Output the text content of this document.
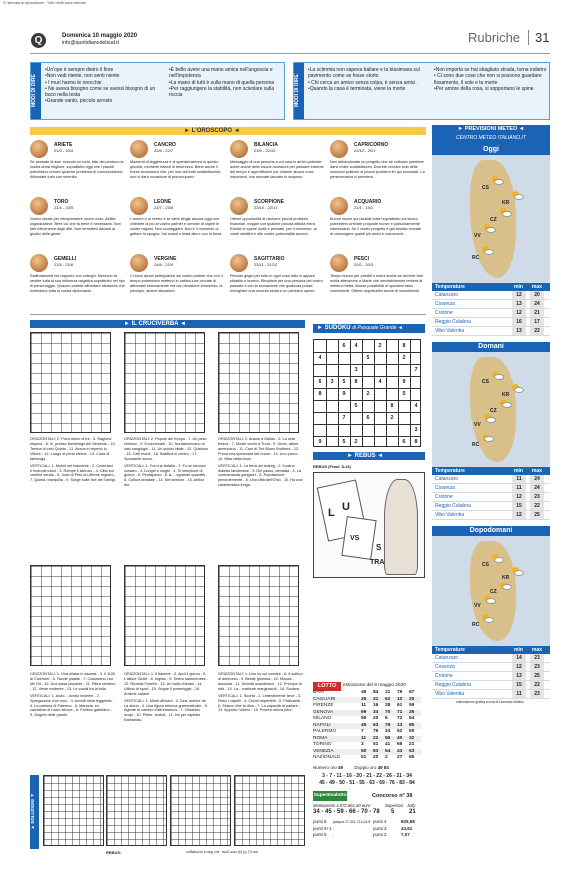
© riservata la riproduzione - Tutti i diritti sono riservati
Q	Domenica 10 maggio 2020
info@quotidianodelsud.it	Rubriche	31
MODI DI DIRE
•Un'ope è sempre dietro il fiore
•Non vedi niente, non senti niente
• I muri hanno le orecchie
• Ne aveva bisogno come se avessi bisogno di un buco nella testa
•Grande vanto, piccolo arrosto
•È bello avere una mano amica nell'angoscia e nell'impotenza
•La mano di tutti è sulla mano di quella persona
•Per raggiungere la stabilità, non scivolare sulla roccia	MODI DI DIRE
•La scimmia non sapeva ballare e la biasimava sul pavimento come se fosse storto
• Chi cerca un amico senza colpa, è senza amici.
•Quando la casa è terminata, viene la morte
•Non importa se hai sbagliato strada, torna indietro
• Ci sono due cose che non si possono guardare fissamente, il sole e la morte
•Per amore della rosa, si sopportano le spine
► L'OROSCOPO ◄
ARIETE
21/3 - 20/4
Se pensate di aver ricevuto un torto, fate del perdono la vostra arma migliore, soprattutto oggi che i pianeti potrebbero crearvi qualche problema di comunicazione. Affrontate tutto con serenità.
TORO
21/4 - 20/5
Giorno ideale per intraprendere nuove cose. Abilità organizzative. Bere ciò che fa bene è necessario. Non farti influenzare dagli altri. Non fermatevi davanti ai giudizi della gente.
GEMELLI
21/5 - 21/6
Rallentamenti nel rapporto con colleghi. Mercurio fa sentire tutta la sua influenza negativa soprattutto nel tipo di personaggio. Quando potrete affrontare situazioni che richiedono tutta la vostra diplomazia.
CANCRO
22/6 - 22/7
Momenti di leggerezza e di spensieratezza in questo giovedì, momenti intensi di tenerezza. Bene anche il fronte economico che, per non dal tutto soddisfacente, non vi darà occasione di preoccuparvi.
LEONE
23/7 - 23/8
L'amore è al centro e se siete single ancora oggi non chiedete di più al vostro partner e cercate di capire le vostre ragioni. Non scoraggiarti. Non è il momento di gettare la spugna. Vai avanti e testa alta e con la forza.
VERGINE
24/8 - 22/9
Ci sono alcuni pettegolezzi sul vostro partner che con il tempo potrebbero mettervi in cattiva luce cercate di affrontarli serenamente ma con decisione chiarendo, di principio, alcune situazioni.
BILANCIA
23/9 - 22/10
Messaggio di una persona a voi cara in arrivo potreste avere anche delle buone occasioni per passare insieme del tempo e approfittarne per chiarire alcune cose importanti, che avevate lasciato in sospeso.
SCORPIONE
23/10 - 22/11
Ottime opportunità di risolvere piccoli problemi finanziari, magari con qualche piccola attività extra. Evitate le spese inutili e pensate, per il momento, ai vostri obiettivi e alle vostre potenzialità ancora.
SAGITTARIO
23/11 - 21/12
Periodo grigio per tutto in ogni cosa tutto vi appare sbiadito e incerto. Rimpianti per una persona del vostro passato e con la sensazione che qualcosa possa risvegliare una vecchia storia e un pensiero speso.
CAPRICORNO
22/12 - 20/1
Non abbandonate un progetto che se coltivato potrebbe darvi molte soddisfazioni. Dovrete cercare solo delle soluzioni pratiche ai piccoli problemi fin qui incontrati. La perseveranza vi premierà.
ACQUARIO
21/1 - 19/2
Buone nuove sui risultati vostri soprattutto sul lavoro potrebbero arrivare proposte nuove e particolarmente interessanti. Se il vostro progetto è già avviato cercate di coinvolgere quanti più amici e conoscenti.
PESCI
20/2 - 20/3
Tempo buono per prestiti e mutui anche se dovrete fare molta attenzione a Marte che inevitabilmente tenterà di mettervi fretta. Buone possibilità di spuntare tassi convenienti. Ottime opportunità anche di investimenti.
► PREVISIONI METEO ◄
CENTRO METEO ITALIANO.IT
Oggi
CS
KR
CZ
VV
RC
Temperature	min max
Catanzaro	12	20
Cosenza	13	24
Crotone	12	21
Reggio Calabria	16	17
Vibo Valentia	13	22
Domani
CS
KR
CZ
VV
RC
Temperature	min max
Catanzaro	11	24
Cosenza	11	24
Crotone	12	23
Reggio Calabria	15	22
Vibo Valentia	12	25
Dopodomani
CS
KR
CZ
VV
RC
Temperature	min max
Catanzaro	14	23
Cosenza	12	23
Crotone	13	25
Reggio Calabria	15	22
Vibo Valentia	11	23
elaborazione grafica a cura di Leonardo Muffolo
► IL CRUCIVERBA ◄
ORIZZONTALI: 2. Poco meno di tre - 5. Ragione etopica - 8. In, presso fiammingo del Seicento - 10. Terrina di cani Quinto - 11. Aveva in reperto lo Vittore - 12. Luogo di pena eterna - 13. Coda di tartaruga.
VERTICALI: 1. Mobili nel ristorante - 2. Costruisci e ricercati tutori - 3. Rompe il silenzio - 4. Città sul confine serato - 6. Joan di Pelo al Lifteme registro - 7. Quinta, tranquilla - 9. Sorge sulle rive del Tamigi.
ORIZZONTALI: 2. Popolo del Kenya - 7. Un peso chimico - 9. Eccezionale - 10. Nordamericano di vasi sanguigni - 11. Un suddo vitale - 12. Quattoro - 13. Calli monti - 16. Basilica in centro - 17. Spumante secco.
VERTICALI: 1. Forni la farfalla - 2. Fu un famoso corsaro - 3. Lunghi e lunghi - 4. Si sempione di giorno - 5. Pentapaolo - 6. A.... sgrande quantità - 8. Coltura stradale - 14. Nel tambon - 15. Antico dio.
ORIZZONTALI: 2. Autore a Dallas - 5. La cela fresca - 7. Mostri vicino a Troia - 9. Gene, attore americano - 11. Cani di The Blues Brothers - 12. Prova una speciosità del nuoto - 13. Uno prono - 14. Mise della bove.
VERTICALI: 1. La terra dei tuareg - 2. Il piano dialetto landanese - 3. Del passo, deridata - 4. La contramanda gangster - 6. Popolazione precedemente - 8. Una città dell'Ohio - 10. Ha una caratteristica lunga.
ORIZZONTALI: 1. Una ollaba in ascesa - 3. Il 1100 di Cicerone - 5. Tavole pialate - 7. Costavano Leo Mc Dit - 10. Una salsa piccante - 11. Ritira sentiero - 12. Veste evidente - 13. Le vocali tra la folla.
VERTICALI: 1. Aiuto... dondo insieme - 2. Spiegazione d'un inno - 3. Avvolti nella leggenda - 4. La patrona di Palermo - 6. Marcela, en calciatore di Lacio eilcure - 8. Poetico gabbiano - 9. Origine delle parole.
ORIZZONTALI: 1. Il fiamme - 3. April il giorno - 6. L'attore Giulie - 8. Inglise - 9. Teatro sammenese - 12. Ricorda Fiorello - 13. Un ballo d'antan - 14. Ultimo di sport - 15. Segue il pomeriggio - 16. Antiche cantori.
VERTICALI: 1. Monti africani - 2. Dea, autrice de La storia - 4. Una figura retorica grammaticale - 5. Agente di cambio d'attremanica - 7. Obbietivi, scopi - 10. Pietre, ciottoli - 11. Ha per capitale Katmandu.
ORIZZONTALI: 1. Uno su cui contare - 8. Il solfuro di ammonio - 9. Bestie gloriosa - 10. Misura... assoluta - 11. Divinità scandinave - 12. Principe di tutti - 14. La... mattone marginacoli - 16. Scolara.
VERTICALI: 1. Scorta - 2. Letteralmente lieve - 3. Fisso i capelli - 4. Circoli imperfetti - 5. Praticante - 6. Sharon che fu diva - 7. La capacità di parlare - 13. Apporto l'ultimo - 15. Povere senza pere.
► SOLUZIONI ◄
REBUS:	uno (L) VS (S) nere; pesc.. suo Ralo a un impegno-
► SUDOKU di Pasquale Grande ◄
6	4	2	8
4	5	2
3	7
6	3	5	8	4	9
8	9	2	5
5	8	4
7	6	2
3
9	5	2	6	8
► REBUS ◄
REBUS (Frasi: 8-14)
L U
VS
S
TRA
LOTTO	estrazione del 9 maggio 2020
BARI	49 84 21 79 67
CAGLIARI	26 31 62 10 25
FIRENZE	11 16 28 61 59
GENOVA	69 34 70 71 26
MILANO	55 20 6 72 54
NAPOLI	45 63 79 14 85
PALERMO	7 76 24 52 50
ROMA	11 22 56 40 32
TORINO	3 51 41 65 21
VENEZIA	50 83 54 43 53
NAZIONALE	51 20 2 27 65
Numero oro 49	Doppio oro 49 84
3 - 7 - 11 - 16 - 20 - 21 - 22 - 26 - 31 - 34
45 - 49 - 50 - 51 - 55 - 63 - 69 - 76 - 83 - 84
SuperEnalotto	Concorso n° 38
Montepremi 3.072.861,60 euro	Superstar Jolly
34 - 45 - 59 - 66 - 70 - 78 5 21
punti 6 jackpot 27.301.714,04 € punti 4	825,58
punti 5+1 -	punti 3	43,61
punti 5 -	punti 2	7,07
